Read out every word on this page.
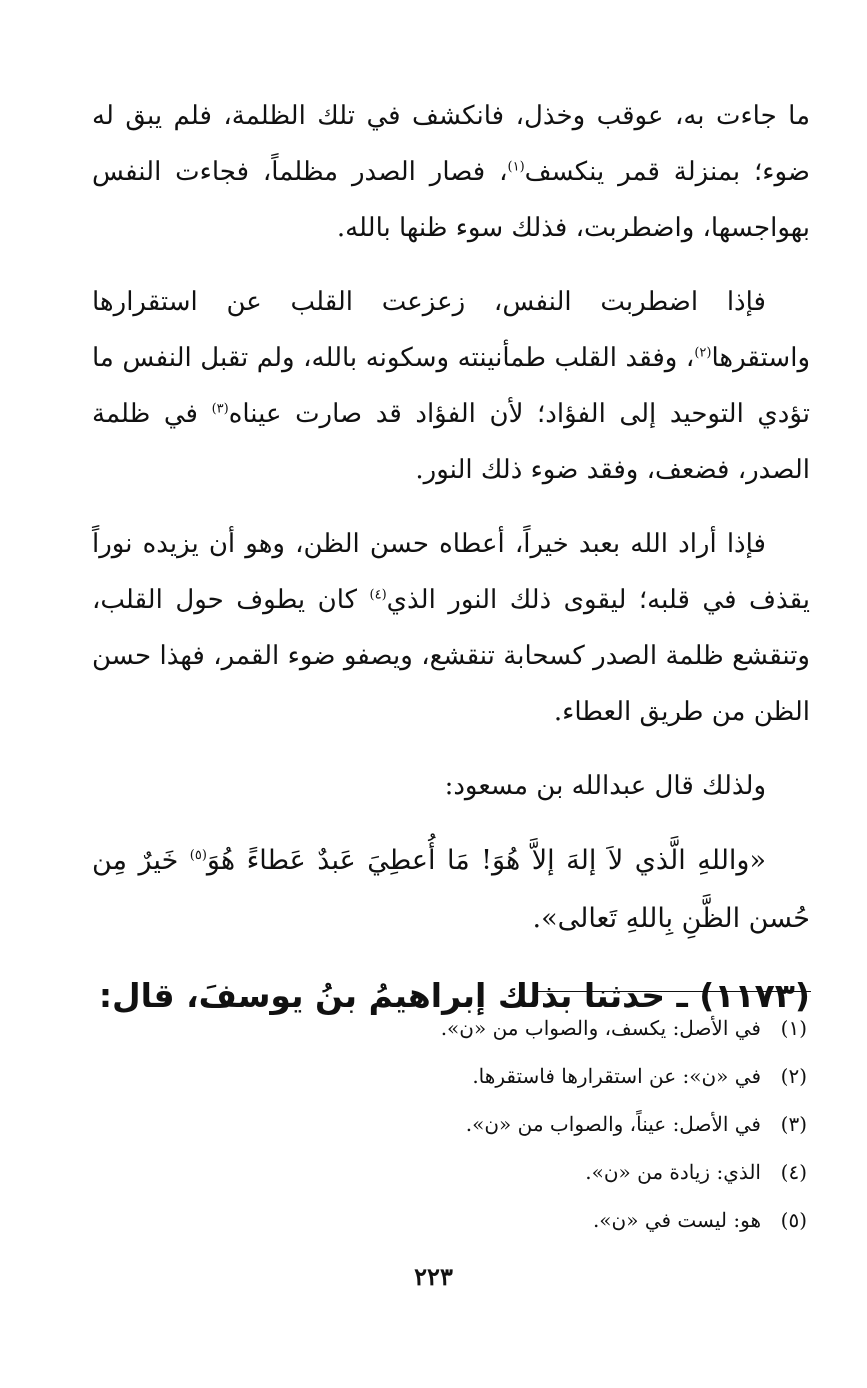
ما جاءت به، عوقب وخذل، فانكشف في تلك الظلمة، فلم يبق له ضوء؛ بمنزلة قمر ينكسف$^{(١)}$، فصار الصدر مظلماً، فجاءت النفس بهواجسها، واضطربت، فذلك سوء ظنها بالله.

فإذا اضطربت النفس، زعزعت القلب عن استقرارها واستقرها$^{(٢)}$، وفقد القلب طمأنينته وسكونه بالله، ولم تقبل النفس ما تؤدي التوحيد إلى الفؤاد؛ لأن الفؤاد قد صارت عيناه$^{(٣)}$ في ظلمة الصدر، فضعف، وفقد ضوء ذلك النور.

فإذا أراد الله بعبد خيراً، أعطاه حسن الظن، وهو أن يزيده نوراً يقذف في قلبه؛ ليقوى ذلك النور الذي$^{(٤)}$ كان يطوف حول القلب، وتنقشع ظلمة الصدر كسحابة تنقشع، ويصفو ضوء القمر، فهذا حسن الظن من طريق العطاء.

ولذلك قال عبدالله بن مسعود:

«واللهِ الَّذي لاَ إلهَ إلاَّ هُوَ! مَا أُعطِيَ عَبدٌ عَطاءً هُوَ$^{(٥)}$ خَيرٌ مِن حُسن الظَّنِ بِاللهِ تَعالى».

(١١٧٣) ـ حدثنا بذلك إبراهيمُ بنُ يوسفَ، قال:
(١)في الأصل: يكسف، والصواب من «ن».
(٢)في «ن»: عن استقرارها فاستقرها.
(٣)في الأصل: عيناً، والصواب من «ن».
(٤)الذي: زيادة من «ن».
(٥)هو: ليست في «ن».
٢٢٣
